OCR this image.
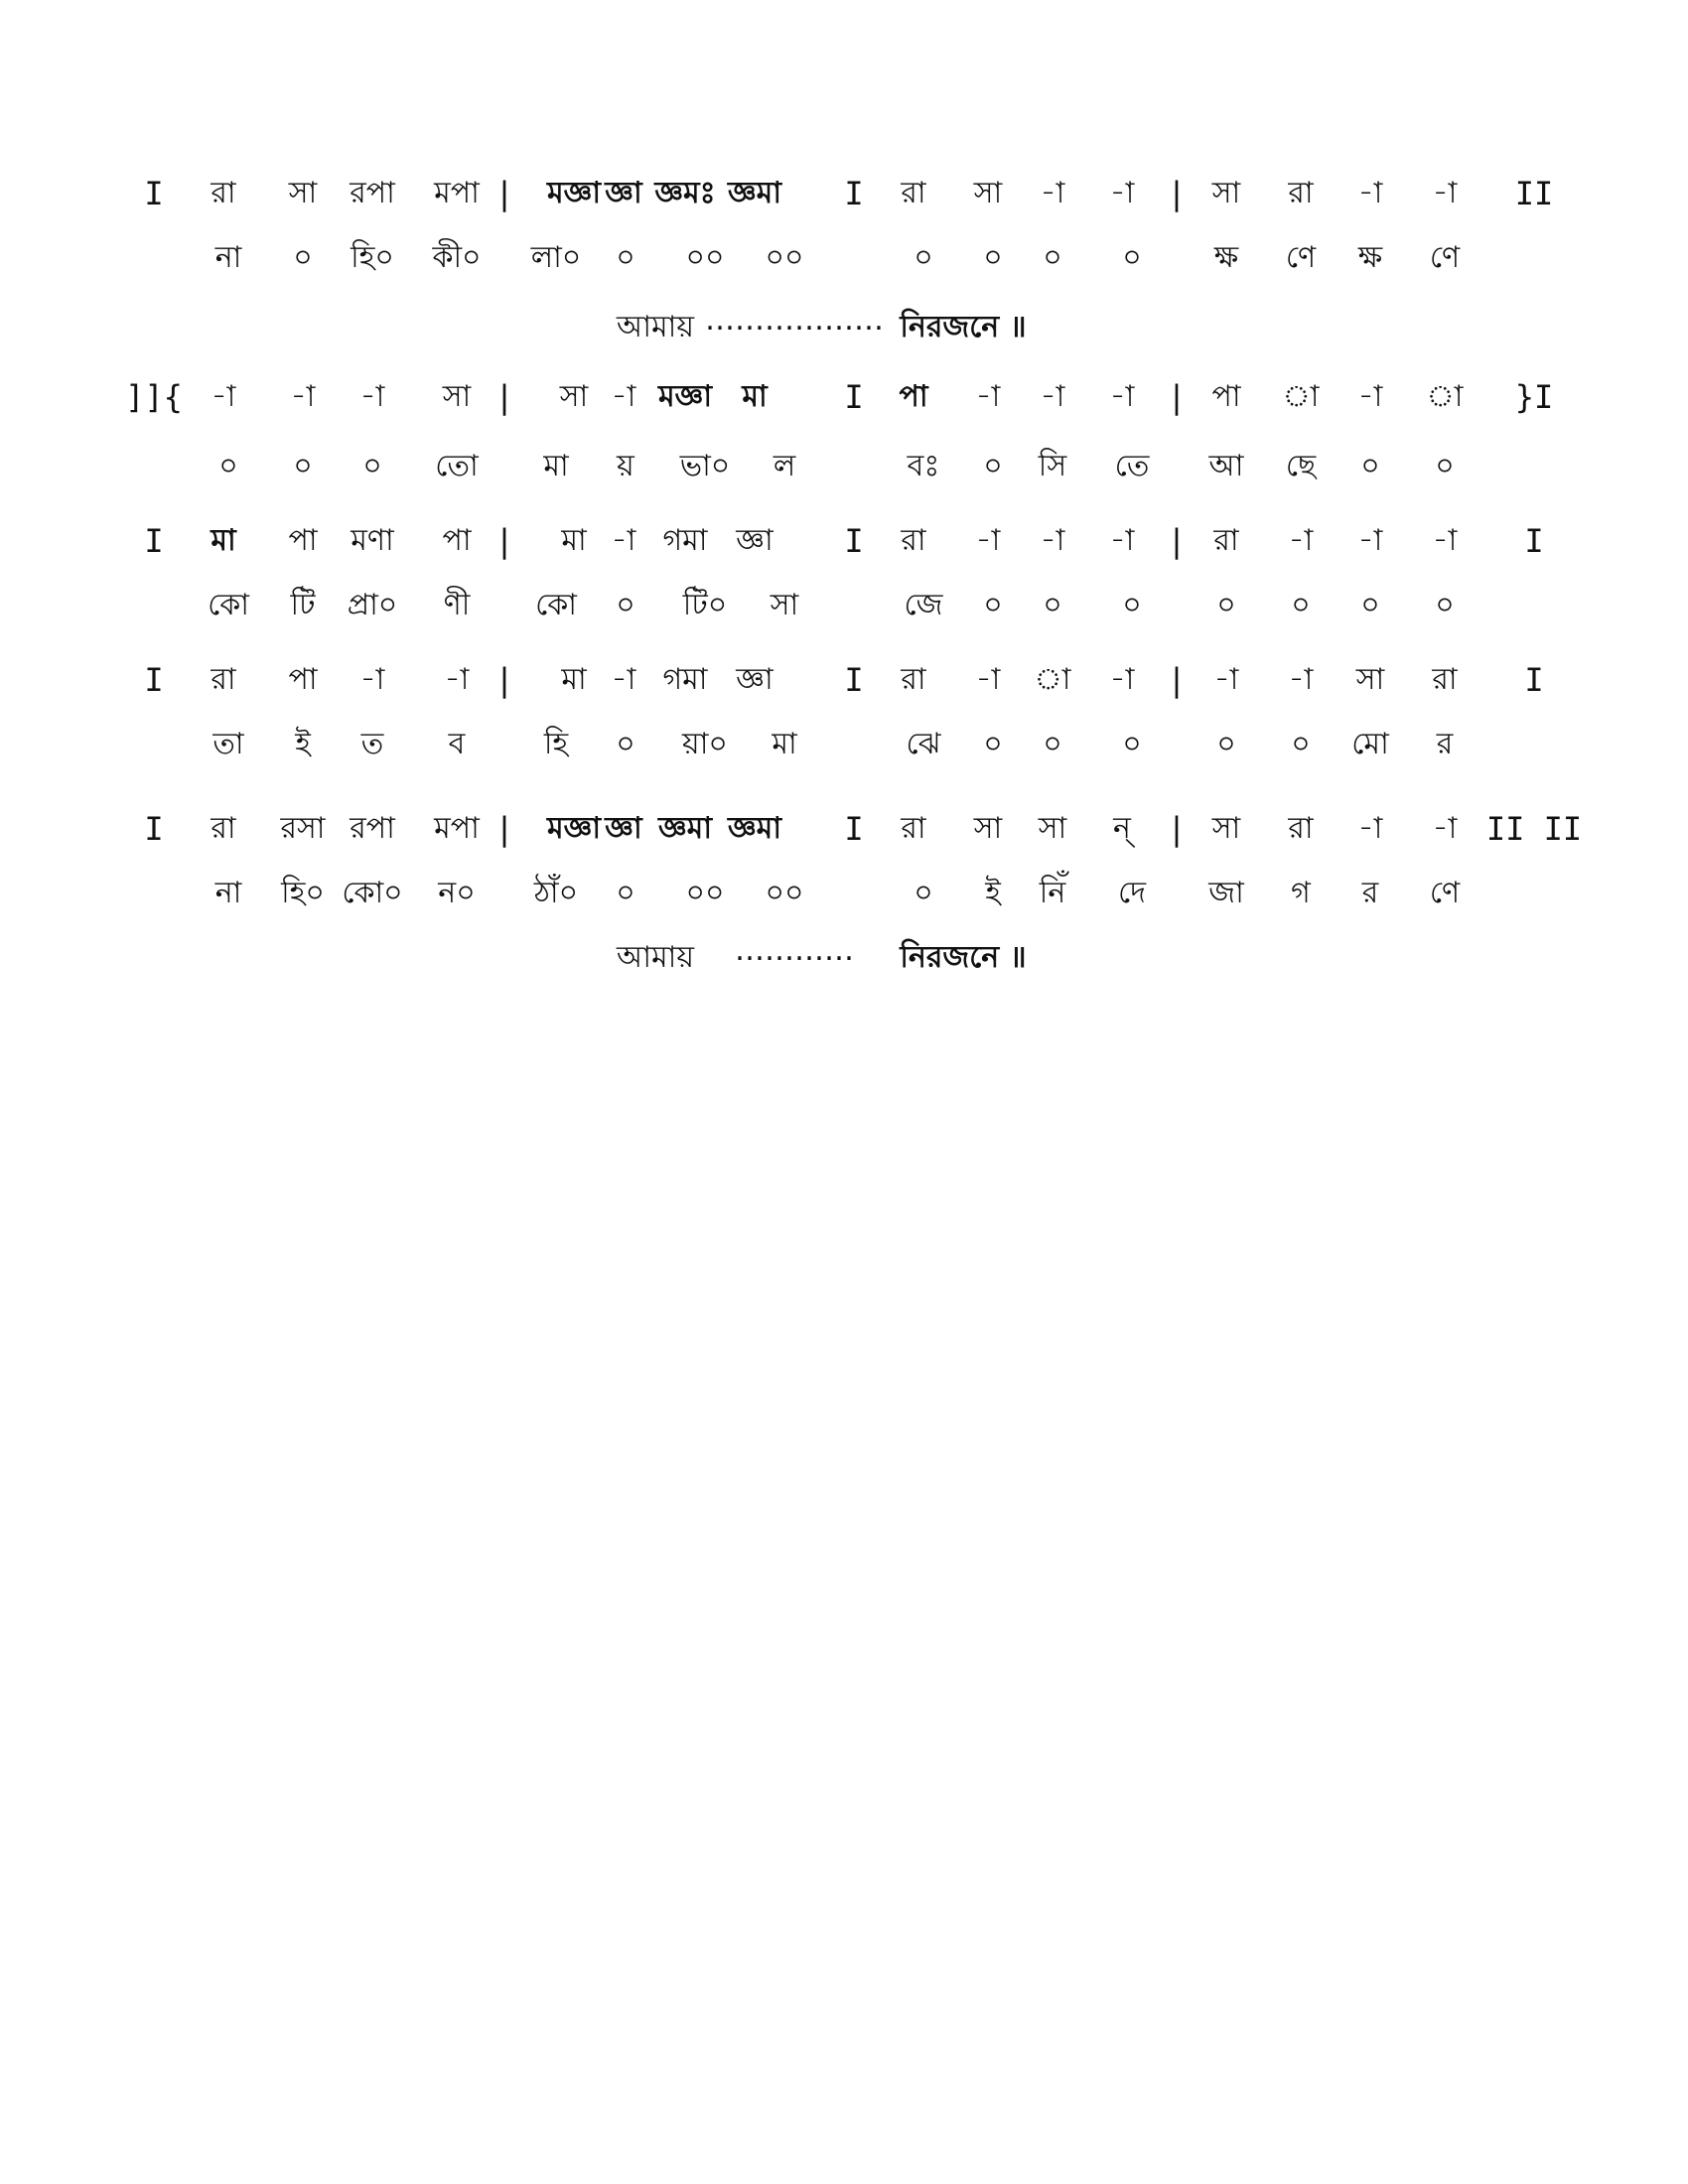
I রা সা রপা মপা | মজ্ঞা জ্ঞা জ্ঞমঃ জ্ঞমা I রা সা -া -া | সা রা -া -া II
না ০ হি০ কী০ লা০ ০ ০০ ০০	০ ০ ০ ০ ক্ষ ণে ক্ষ ণে
]]{ -া -া -া সা | সা -া মজ্ঞা মা I পা -া -া -া | পা া -া া }I
০ ০ ০ তো মা য় ভা০ ল	বঃ ০ সি তে আ ছে ০ ০
I মা পা মণা পা | মা -া গমা জ্ঞা I রা -া -া -া | রা -া -া -া I
কো টি প্রা০ ণী কো ০ টি০ সা	জে ০ ০ ০	০ ০ ০ ০
I রা পা -া -া | মা -া গমা জ্ঞা I রা -া া -া | -া -া সা রা I
তা ই ত ব	হি ০ য়া০ মা	ঝে ০ ০ ০	০ ০ মো র
I রা রসা রপা মপা | মজ্ঞা জ্ঞা জ্ঞমা জ্ঞমা I রা সা সা ন্ | সা রা -া -া II II
না হি০ কো০ ন০ ঠাঁ০ ০ ০০ ০০	০ ই নিঁ দে জা গ র ণে
আমায় ……………… নিরজনে ॥
আমায় ………… নিরজনে ॥
